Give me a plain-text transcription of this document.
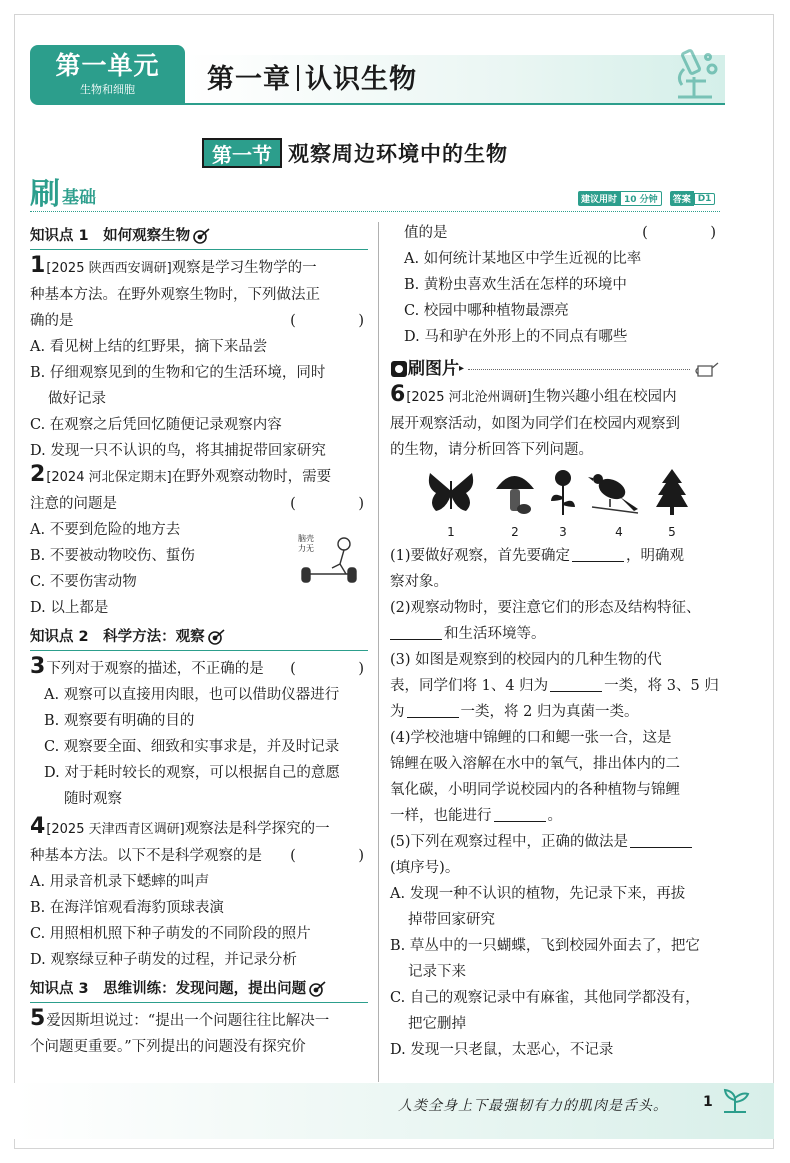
第一单元
生物和细胞	第一章 认识生物
第一节 观察周边环境中的生物
刷 基础	建议用时 10 分钟	答案 D1
知识点 1　如何观察生物
1[2025 陕西西安调研]观察是学习生物学的一
种基本方法。在野外观察生物时，下列做法正
确的是	(　)
A. 看见树上结的红野果，摘下来品尝
B. 仔细观察见到的生物和它的生活环境，同时
做好记录
C. 在观察之后凭回忆随便记录观察内容
D. 发现一只不认识的鸟，将其捕捉带回家研究
2[2024 河北保定期末]在野外观察动物时，需要
注意的问题是	(　)
A. 不要到危险的地方去
B. 不要被动物咬伤、蜇伤
C. 不要伤害动物
D. 以上都是
知识点 2　科学方法：观察
3下列对于观察的描述，不正确的是 (　)
A. 观察可以直接用肉眼，也可以借助仪器进行
B. 观察要有明确的目的
C. 观察要全面、细致和实事求是，并及时记录
D. 对于耗时较长的观察，可以根据自己的意愿
随时观察
4[2025 天津西青区调研]观察法是科学探究的一
种基本方法。以下不是科学观察的是 (　)
A. 用录音机录下蟋蟀的叫声
B. 在海洋馆观看海豹顶球表演
C. 用照相机照下种子萌发的不同阶段的照片
D. 观察绿豆种子萌发的过程，并记录分析
知识点 3　思维训练：发现问题，提出问题
5爱因斯坦说过：“提出一个问题往往比解决一
个问题更重要。”下列提出的问题没有探究价
脑壳力无
值的是	(　)
A. 如何统计某地区中学生近视的比率
B. 黄粉虫喜欢生活在怎样的环境中
C. 校园中哪种植物最漂亮
D. 马和驴在外形上的不同点有哪些
刷图片 ▸
6[2025 河北沧州调研]生物兴趣小组在校园内
展开观察活动，如图为同学们在校园内观察到
的生物，请分析回答下列问题。
1	2	3	4	5
(1)要做好观察，首先要确定	，明确观
察对象。
(2)观察动物时，要注意它们的形态及结构特征、
和生活环境等。
(3) 如图是观察到的校园内的几种生物的代
表，同学们将 1、4 归为	一类，将 3、5 归
为	一类，将 2 归为真菌一类。
(4)学校池塘中锦鲤的口和鳃一张一合，这是
锦鲤在吸入溶解在水中的氧气，排出体内的二
氧化碳，小明同学说校园内的各种植物与锦鲤
一样，也能进行	。
(5)下列在观察过程中，正确的做法是
(填序号)。
A. 发现一种不认识的植物，先记录下来，再拔
掉带回家研究
B. 草丛中的一只蝴蝶，飞到校园外面去了，把它
记录下来
C. 自己的观察记录中有麻雀，其他同学都没有，
把它删掉
D. 发现一只老鼠，太恶心，不记录
人类全身上下最强韧有力的肌肉是舌头。	1
